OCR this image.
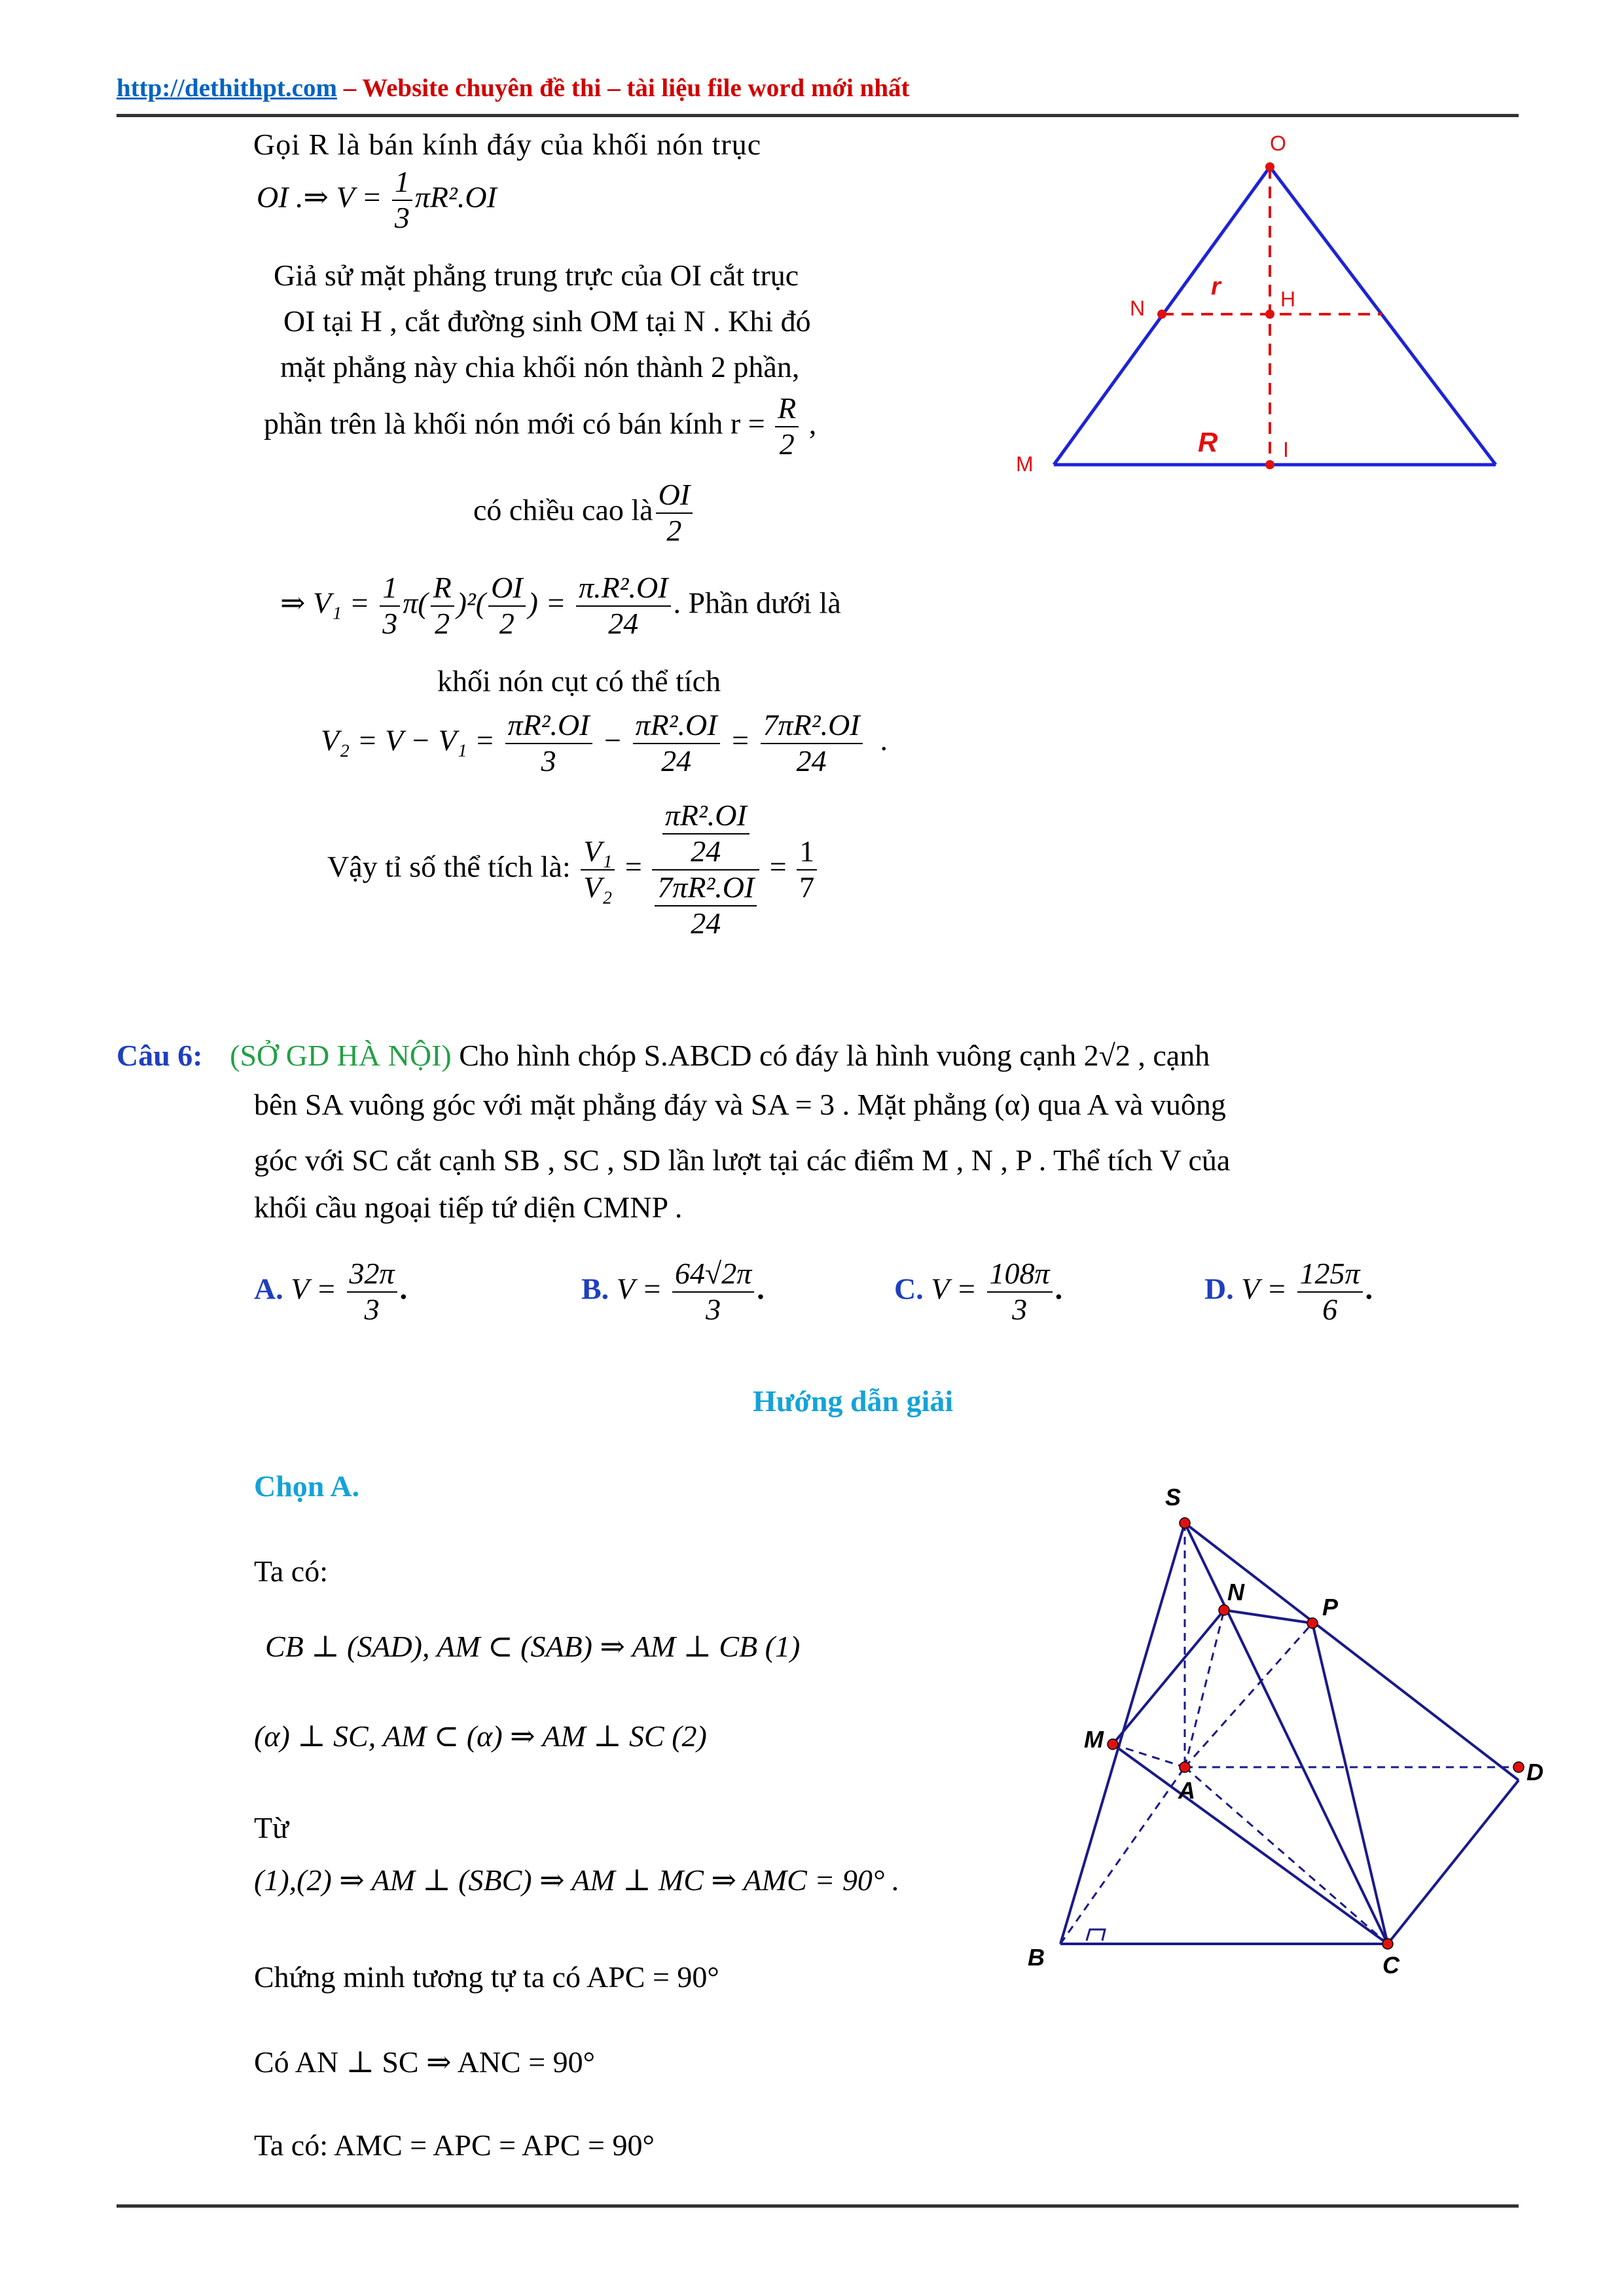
http://dethithpt.com – Website chuyên đề thi – tài liệu file word mới nhất
Gọi R là bán kính đáy của khối nón trục
OI .⇒ $V = \frac{1}{3} \pi R^2.OI$
Giả sử mặt phẳng trung trực của OI cắt trục
OI tại H , cắt đường sinh OM tại N . Khi đó
mặt phẳng này chia khối nón thành 2 phần,
phần trên là khối nón mới có bán kính $r = \frac{R}{2}$ ,
có chiều cao là $\frac{OI}{2}$
⇒ $V_1 = \frac{1}{3} \pi( \frac{R}{2} )^2( \frac{OI}{2}$ ) = $\frac{\text{π.R².OI}}{24}$ . Phần dưới là
khối nón cụt có thể tích
$V_2 = V - V_1 = \frac{\text{πR².OI}}{3} - \frac{\text{πR².OI}}{24} = \frac{\text{7πR².OI}}{24}$ .
Vậy tỉ số thể tích là: $\frac{\text{V₁}}{\text{V₂}} = \frac{\frac{\text{πR².OI}}{24}}{\frac{\text{7πR².OI}}{24}} = \frac{1}{7}$
O
N	H
M
I
r
R
Câu 6: (SỞ GD HÀ NỘI) Cho hình chóp S.ABCD có đáy là hình vuông cạnh 2√2 , cạnh
bên SA vuông góc với mặt phẳng đáy và SA = 3 . Mặt phẳng (α) qua A và vuông
góc với SC cắt cạnh SB , SC , SD lần lượt tại các điểm M , N , P . Thể tích V của
khối cầu ngoại tiếp tứ diện CMNP .
A. $V = \frac{32\pi}{3}$ .	B. $V = \frac{64√2\pi}{3}$ .	C. $V = \frac{108\pi}{3}$ .	D. $V = \frac{125\pi}{6}$ .
Hướng dẫn giải
Chọn A.
Ta có:
CB ⊥ (SAD), AM ⊂ (SAB) ⇒ AM ⊥ CB (1)
(α) ⊥ SC, AM ⊂ (α) ⇒ AM ⊥ SC (2)
Từ
(1),(2) ⇒ AM ⊥ (SBC) ⇒ AM ⊥ MC ⇒ AMC = 90° .
Chứng minh tương tự ta có APC = 90°
Có AN ⊥ SC ⇒ ANC = 90°
Ta có: AMC = APC = APC = 90°
S
N
P
M
A
D
B	C
